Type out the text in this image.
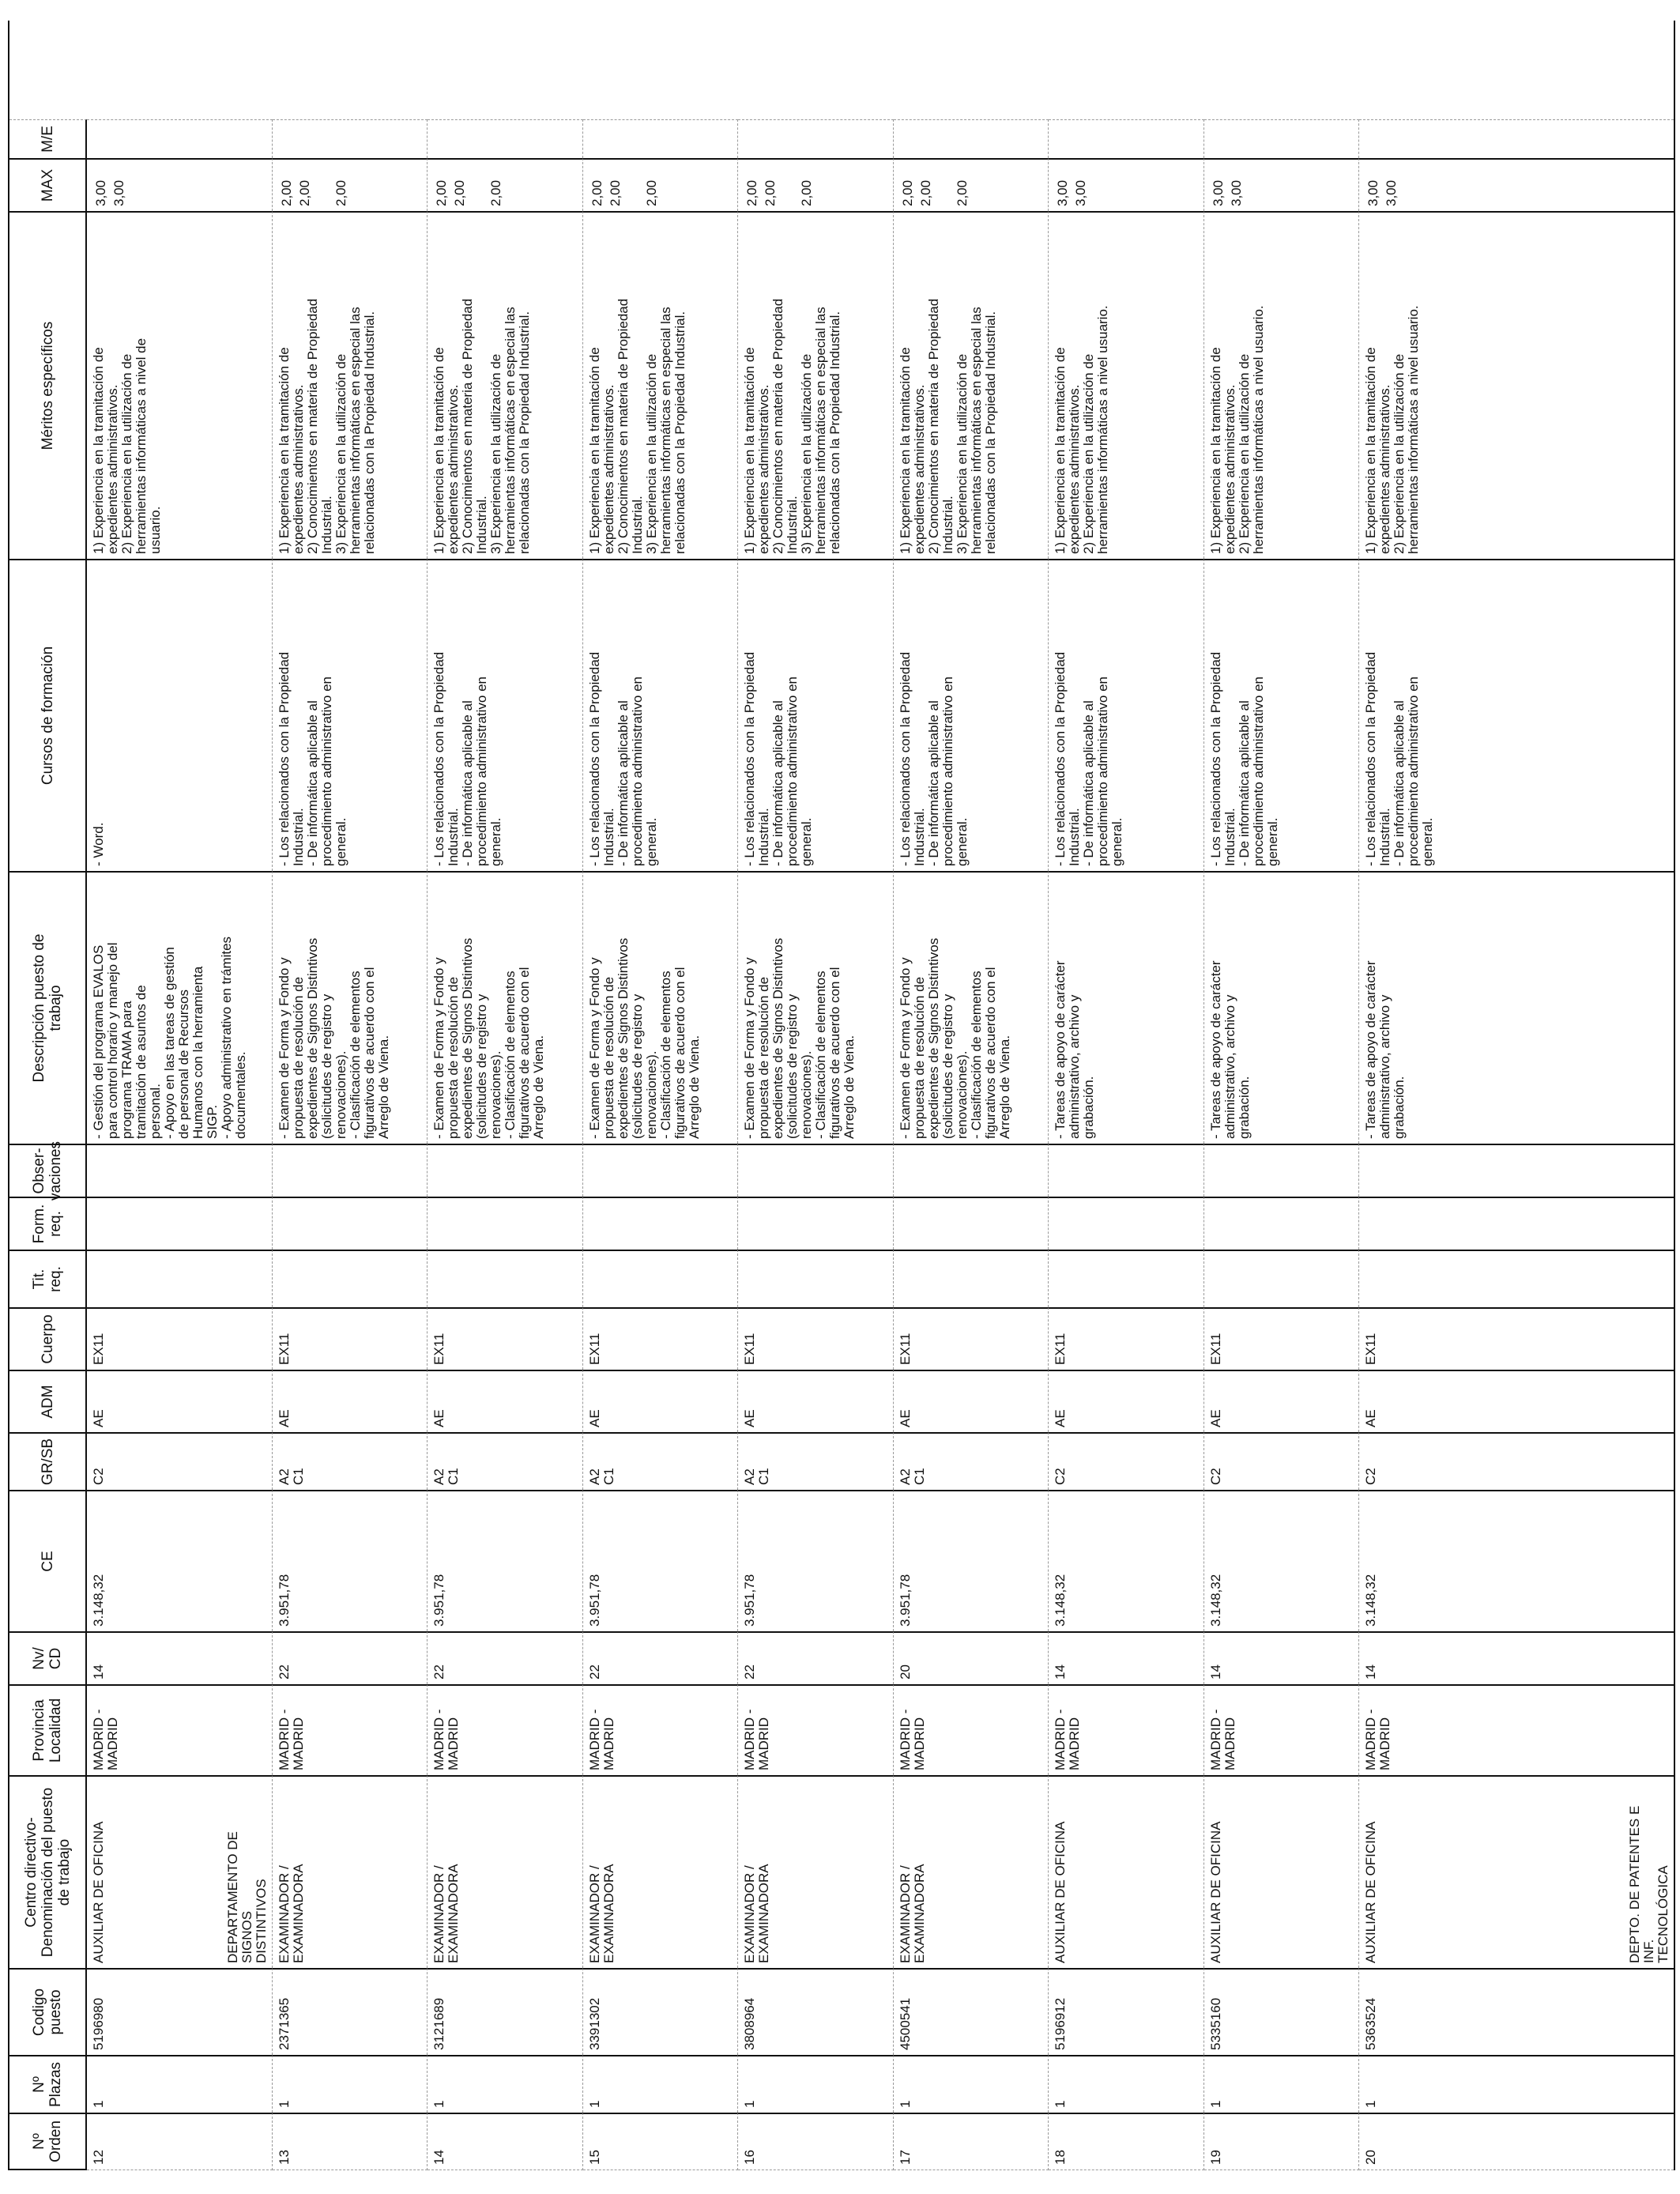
Nº
Orden
Nº
Plazas
Codigo
puesto
Centro directivo-
Denominación del puesto
de trabajo
Provincia
Localidad
Nv/
CD
CE
GR/SB
ADM
Cuerpo
Tit.
req.
Form.
req.
Obser-
vaciones
Descripción puesto de
trabajo
Cursos de formación
Méritos específicos
MAX
M/E
12
1
5196980
AUXILIAR DE OFICINA	DEPARTAMENTO DE SIGNOS
DISTINTIVOS
MADRID -
MADRID
14
3.148,32
C2
AE
EX11
- Gestión del programa EVALOS
para control horario y manejo del
programa TRAMA para
tramitación de asuntos de
personal.
- Apoyo en las tareas de gestión
de personal de Recursos
Humanos con la herramienta
SIGP.
- Apoyo administrativo en trámites
documentales.
- Word.
1) Experiencia en la tramitación de
expedientes administrativos.
2) Experiencia en la utilización de
herramientas informáticas a nivel de
usuario.
3,00
3,00
13
1
2371365
EXAMINADOR /
EXAMINADORA
MADRID -
MADRID
22
3.951,78
A2
C1
AE
EX11
- Examen de Forma y Fondo y
propuesta de resolución de
expedientes de Signos Distintivos
(solicitudes de registro y
renovaciones).
- Clasificación de elementos
figurativos de acuerdo con el
Arreglo de Viena.
- Los relacionados con la Propiedad
Industrial.
- De informática aplicable al
procedimiento administrativo en
general.
1) Experiencia en la tramitación de
expedientes administrativos.
2) Conocimientos en materia de Propiedad
Industrial.
3) Experiencia en la utilización de
herramientas informáticas en especial las
relacionadas con la Propiedad Industrial.
2,00
2,00

2,00
14
1
3121689
EXAMINADOR /
EXAMINADORA
MADRID -
MADRID
22
3.951,78
A2
C1
AE
EX11
- Examen de Forma y Fondo y
propuesta de resolución de
expedientes de Signos Distintivos
(solicitudes de registro y
renovaciones).
- Clasificación de elementos
figurativos de acuerdo con el
Arreglo de Viena.
- Los relacionados con la Propiedad
Industrial.
- De informática aplicable al
procedimiento administrativo en
general.
1) Experiencia en la tramitación de
expedientes administrativos.
2) Conocimientos en materia de Propiedad
Industrial.
3) Experiencia en la utilización de
herramientas informáticas en especial las
relacionadas con la Propiedad Industrial.
2,00
2,00

2,00
15
1
3391302
EXAMINADOR /
EXAMINADORA
MADRID -
MADRID
22
3.951,78
A2
C1
AE
EX11
- Examen de Forma y Fondo y
propuesta de resolución de
expedientes de Signos Distintivos
(solicitudes de registro y
renovaciones).
- Clasificación de elementos
figurativos de acuerdo con el
Arreglo de Viena.
- Los relacionados con la Propiedad
Industrial.
- De informática aplicable al
procedimiento administrativo en
general.
1) Experiencia en la tramitación de
expedientes administrativos.
2) Conocimientos en materia de Propiedad
Industrial.
3) Experiencia en la utilización de
herramientas informáticas en especial las
relacionadas con la Propiedad Industrial.
2,00
2,00

2,00
16
1
3808964
EXAMINADOR /
EXAMINADORA
MADRID -
MADRID
22
3.951,78
A2
C1
AE
EX11
- Examen de Forma y Fondo y
propuesta de resolución de
expedientes de Signos Distintivos
(solicitudes de registro y
renovaciones).
- Clasificación de elementos
figurativos de acuerdo con el
Arreglo de Viena.
- Los relacionados con la Propiedad
Industrial.
- De informática aplicable al
procedimiento administrativo en
general.
1) Experiencia en la tramitación de
expedientes administrativos.
2) Conocimientos en materia de Propiedad
Industrial.
3) Experiencia en la utilización de
herramientas informáticas en especial las
relacionadas con la Propiedad Industrial.
2,00
2,00

2,00
17
1
4500541
EXAMINADOR /
EXAMINADORA
MADRID -
MADRID
20
3.951,78
A2
C1
AE
EX11
- Examen de Forma y Fondo y
propuesta de resolución de
expedientes de Signos Distintivos
(solicitudes de registro y
renovaciones).
- Clasificación de elementos
figurativos de acuerdo con el
Arreglo de Viena.
- Los relacionados con la Propiedad
Industrial.
- De informática aplicable al
procedimiento administrativo en
general.
1) Experiencia en la tramitación de
expedientes administrativos.
2) Conocimientos en materia de Propiedad
Industrial.
3) Experiencia en la utilización de
herramientas informáticas en especial las
relacionadas con la Propiedad Industrial.
2,00
2,00

2,00
18
1
5196912
AUXILIAR DE OFICINA
MADRID -
MADRID
14
3.148,32
C2
AE
EX11
- Tareas de apoyo de carácter
administrativo, archivo y
grabación.
- Los relacionados con la Propiedad
Industrial.
- De informática aplicable al
procedimiento administrativo en
general.
1) Experiencia en la tramitación de
expedientes administrativos.
2) Experiencia en la utilización de
herramientas informáticas a nivel usuario.
3,00
3,00
19
1
5335160
AUXILIAR DE OFICINA
MADRID -
MADRID
14
3.148,32
C2
AE
EX11
- Tareas de apoyo de carácter
administrativo, archivo y
grabación.
- Los relacionados con la Propiedad
Industrial.
- De informática aplicable al
procedimiento administrativo en
general.
1) Experiencia en la tramitación de
expedientes administrativos.
2) Experiencia en la utilización de
herramientas informáticas a nivel usuario.
3,00
3,00
20
1
5363524
AUXILIAR DE OFICINA	DEPTO. DE PATENTES E INF.
TECNOLÓGICA
MADRID -
MADRID
14
3.148,32
C2
AE
EX11
- Tareas de apoyo de carácter
administrativo, archivo y
grabación.
- Los relacionados con la Propiedad
Industrial.
- De informática aplicable al
procedimiento administrativo en
general.
1) Experiencia en la tramitación de
expedientes administrativos.
2) Experiencia en la utilización de
herramientas informáticas a nivel usuario.
3,00
3,00
